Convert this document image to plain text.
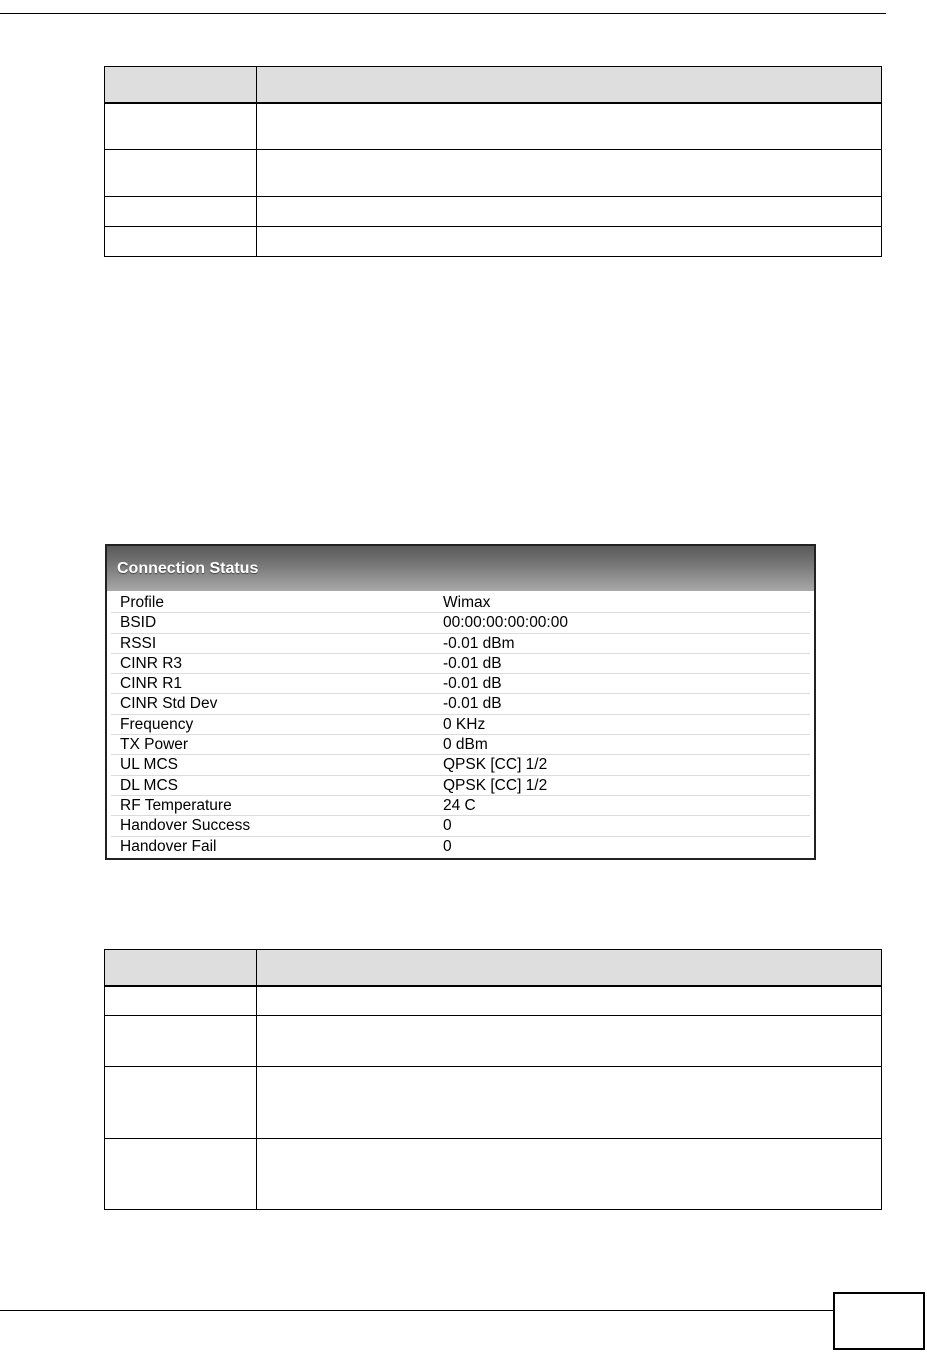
Connection Status
Profile	Wimax
BSID	00:00:00:00:00:00
RSSI	-0.01 dBm
CINR R3	-0.01 dB
CINR R1	-0.01 dB
CINR Std Dev	-0.01 dB
Frequency	0 KHz
TX Power	0 dBm
UL MCS	QPSK [CC] 1/2
DL MCS	QPSK [CC] 1/2
RF Temperature	24 C
Handover Success	0
Handover Fail	0
